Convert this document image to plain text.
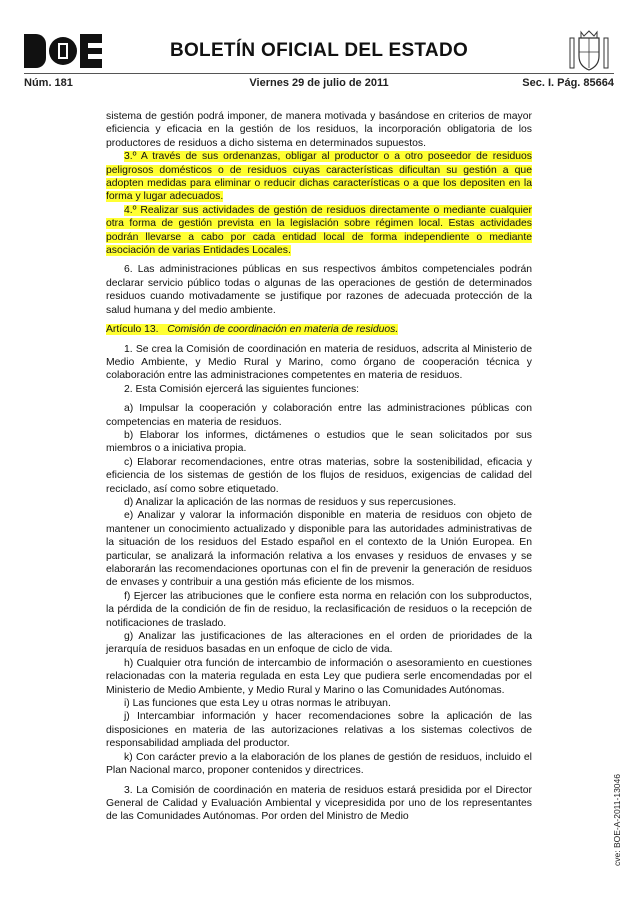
BOLETÍN OFICIAL DEL ESTADO
Núm. 181	Viernes 29 de julio de 2011	Sec. I. Pág. 85664

sistema de gestión podrá imponer, de manera motivada y basándose en criterios de mayor eficiencia y eficacia en la gestión de los residuos, la incorporación obligatoria de los productores de residuos a dicho sistema en determinados supuestos.

3.º A través de sus ordenanzas, obligar al productor o a otro poseedor de residuos peligrosos domésticos o de residuos cuyas características dificultan su gestión a que adopten medidas para eliminar o reducir dichas características o a que los depositen en la forma y lugar adecuados.

4.º Realizar sus actividades de gestión de residuos directamente o mediante cualquier otra forma de gestión prevista en la legislación sobre régimen local. Estas actividades podrán llevarse a cabo por cada entidad local de forma independiente o mediante asociación de varias Entidades Locales.

6. Las administraciones públicas en sus respectivos ámbitos competenciales podrán declarar servicio público todas o algunas de las operaciones de gestión de determinados residuos cuando motivadamente se justifique por razones de adecuada protección de la salud humana y del medio ambiente.

Artículo 13. Comisión de coordinación en materia de residuos.

1. Se crea la Comisión de coordinación en materia de residuos, adscrita al Ministerio de Medio Ambiente, y Medio Rural y Marino, como órgano de cooperación técnica y colaboración entre las administraciones competentes en materia de residuos.

2. Esta Comisión ejercerá las siguientes funciones:

a) Impulsar la cooperación y colaboración entre las administraciones públicas con competencias en materia de residuos.

b) Elaborar los informes, dictámenes o estudios que le sean solicitados por sus miembros o a iniciativa propia.

c) Elaborar recomendaciones, entre otras materias, sobre la sostenibilidad, eficacia y eficiencia de los sistemas de gestión de los flujos de residuos, exigencias de calidad del reciclado, así como sobre etiquetado.

d) Analizar la aplicación de las normas de residuos y sus repercusiones.

e) Analizar y valorar la información disponible en materia de residuos con objeto de mantener un conocimiento actualizado y disponible para las autoridades administrativas de la situación de los residuos del Estado español en el contexto de la Unión Europea. En particular, se analizará la información relativa a los envases y residuos de envases y se elaborarán las recomendaciones oportunas con el fin de prevenir la generación de residuos de envases y contribuir a una gestión más eficiente de los mismos.

f) Ejercer las atribuciones que le confiere esta norma en relación con los subproductos, la pérdida de la condición de fin de residuo, la reclasificación de residuos o la recepción de notificaciones de traslado.

g) Analizar las justificaciones de las alteraciones en el orden de prioridades de la jerarquía de residuos basadas en un enfoque de ciclo de vida.

h) Cualquier otra función de intercambio de información o asesoramiento en cuestiones relacionadas con la materia regulada en esta Ley que pudiera serle encomendadas por el Ministerio de Medio Ambiente, y Medio Rural y Marino o las Comunidades Autónomas.

i) Las funciones que esta Ley u otras normas le atribuyan.

j) Intercambiar información y hacer recomendaciones sobre la aplicación de las disposiciones en materia de las autorizaciones relativas a los sistemas colectivos de responsabilidad ampliada del productor.

k) Con carácter previo a la elaboración de los planes de gestión de residuos, incluido el Plan Nacional marco, proponer contenidos y directrices.

3. La Comisión de coordinación en materia de residuos estará presidida por el Director General de Calidad y Evaluación Ambiental y vicepresidida por uno de los representantes de las Comunidades Autónomas. Por orden del Ministro de Medio	cve: BOE-A-2011-13046
